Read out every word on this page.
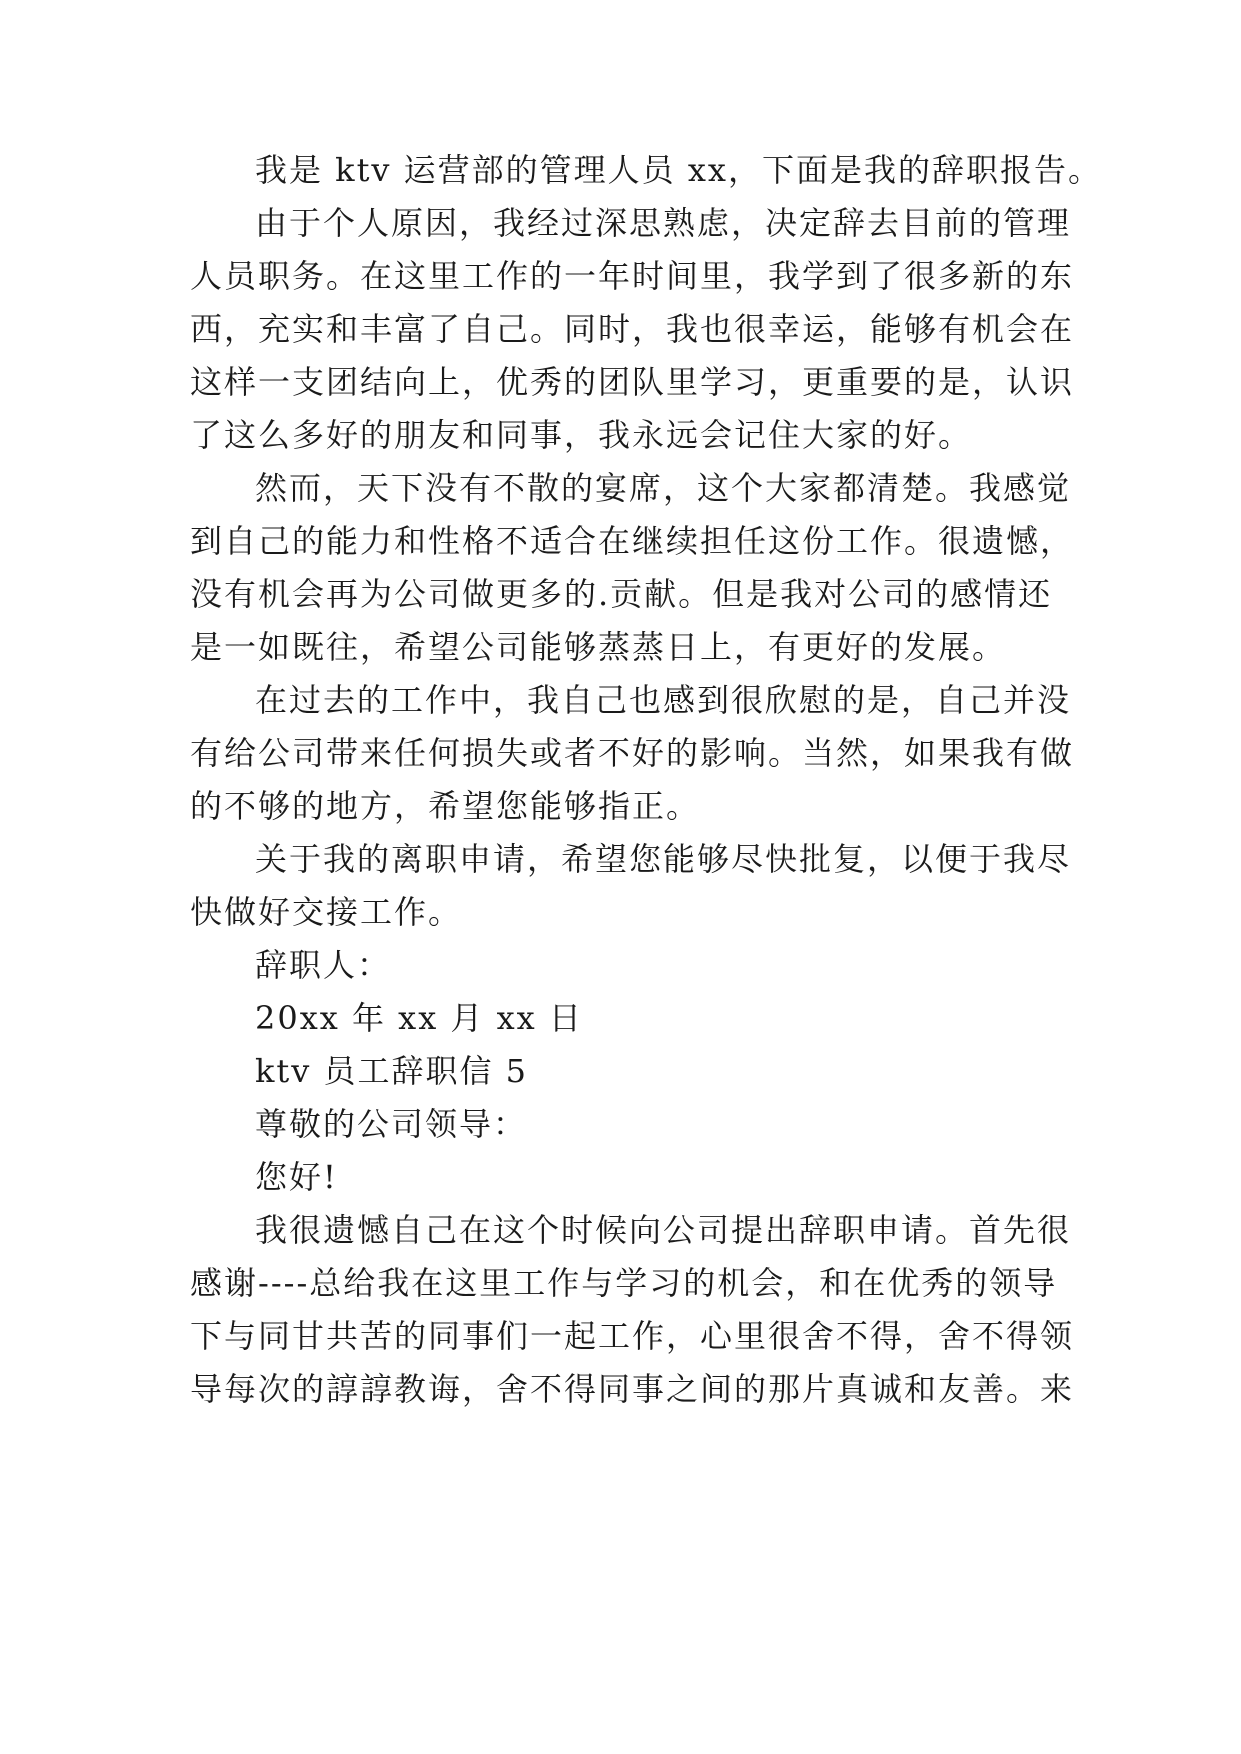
我是 ktv 运营部的管理人员 xx，下面是我的辞职报告。
由于个人原因，我经过深思熟虑，决定辞去目前的管理
人员职务。在这里工作的一年时间里，我学到了很多新的东
西，充实和丰富了自己。同时，我也很幸运，能够有机会在
这样一支团结向上，优秀的团队里学习，更重要的是，认识
了这么多好的朋友和同事，我永远会记住大家的好。
然而，天下没有不散的宴席，这个大家都清楚。我感觉
到自己的能力和性格不适合在继续担任这份工作。很遗憾，
没有机会再为公司做更多的.贡献。但是我对公司的感情还
是一如既往，希望公司能够蒸蒸日上，有更好的发展。
在过去的工作中，我自己也感到很欣慰的是，自己并没
有给公司带来任何损失或者不好的影响。当然，如果我有做
的不够的地方，希望您能够指正。
关于我的离职申请，希望您能够尽快批复，以便于我尽
快做好交接工作。
辞职人：
20xx 年 xx 月 xx 日
ktv 员工辞职信 5
尊敬的公司领导：
您好!
我很遗憾自己在这个时候向公司提出辞职申请。首先很
感谢----总给我在这里工作与学习的机会，和在优秀的领导
下与同甘共苦的同事们一起工作，心里很舍不得，舍不得领
导每次的諄諄教诲，舍不得同事之间的那片真诚和友善。来
